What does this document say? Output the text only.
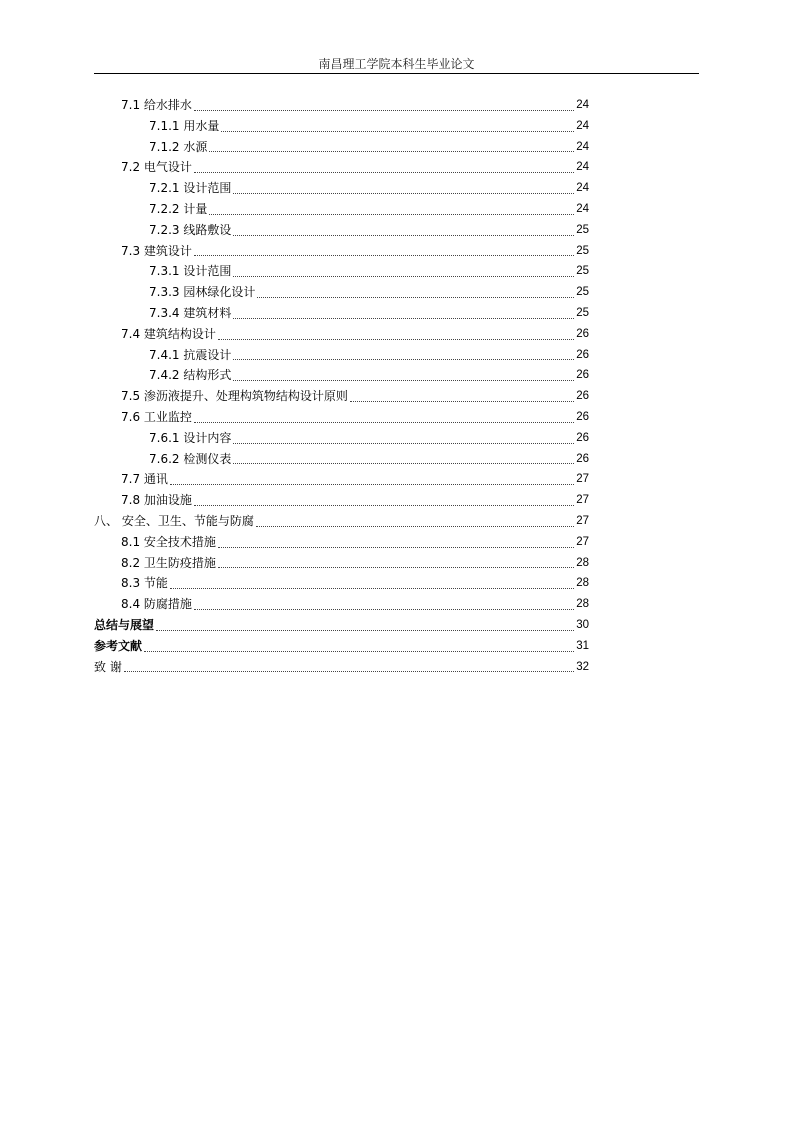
南昌理工学院本科生毕业论文
7.1 给水排水	24
7.1.1 用水量	24
7.1.2 水源	24
7.2 电气设计	24
7.2.1 设计范围	24
7.2.2 计量	24
7.2.3 线路敷设	25
7.3 建筑设计	25
7.3.1 设计范围	25
7.3.3 园林绿化设计	25
7.3.4 建筑材料	25
7.4 建筑结构设计	26
7.4.1 抗震设计	26
7.4.2 结构形式	26
7.5 渗沥液提升、处理构筑物结构设计原则	26
7.6 工业监控	26
7.6.1 设计内容	26
7.6.2 检测仪表	26
7.7 通讯	27
7.8 加油设施	27
八、 安全、卫生、节能与防腐	27
8.1 安全技术措施	27
8.2 卫生防疫措施	28
8.3 节能	28
8.4 防腐措施	28
总结与展望	30
参考文献	31
致 谢	32
